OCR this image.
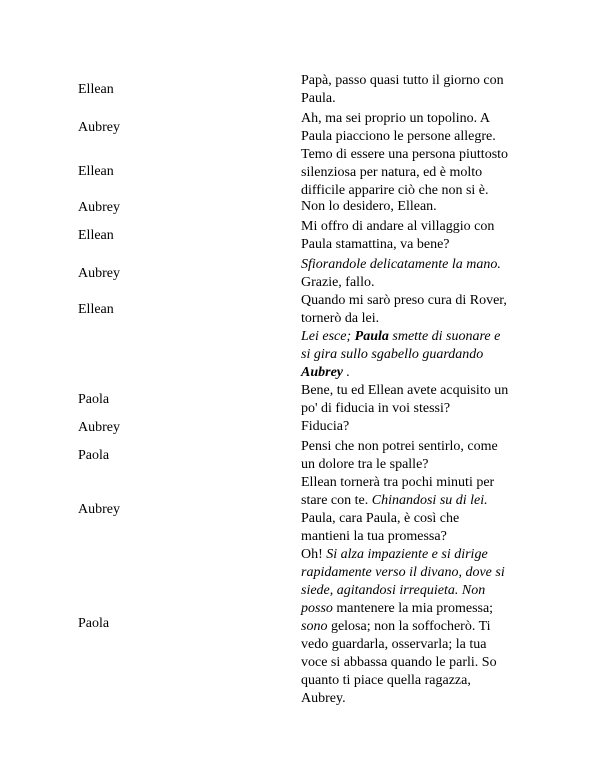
Ellean
Papà, passo quasi tutto il giorno con
Paula.
Aubrey
Ah, ma sei proprio un topolino. A
Paula piacciono le persone allegre.
Ellean
Temo di essere una persona piuttosto
silenziosa per natura, ed è molto
difficile apparire ciò che non si è.
Aubrey	Non lo desidero, Ellean.
Ellean
Mi offro di andare al villaggio con
Paula stamattina, va bene?
Aubrey
Sfiorandole delicatamente la mano.
Grazie, fallo.
Ellean
Quando mi sarò preso cura di Rover,
tornerò da lei.
Lei esce; Paula smette di suonare e
si gira sullo sgabello guardando
Aubrey .
Paola
Bene, tu ed Ellean avete acquisito un
po' di fiducia in voi stessi?
Aubrey	Fiducia?
Paola
Pensi che non potrei sentirlo, come
un dolore tra le spalle?
Aubrey
Ellean tornerà tra pochi minuti per
stare con te. Chinandosi su di lei.
Paula, cara Paula, è così che
mantieni la tua promessa?
Paola
Oh! Si alza impaziente e si dirige
rapidamente verso il divano, dove si
siede, agitandosi irrequieta. Non
posso mantenere la mia promessa;
sono gelosa; non la soffocherò. Ti
vedo guardarla, osservarla; la tua
voce si abbassa quando le parli. So
quanto ti piace quella ragazza,
Aubrey.
